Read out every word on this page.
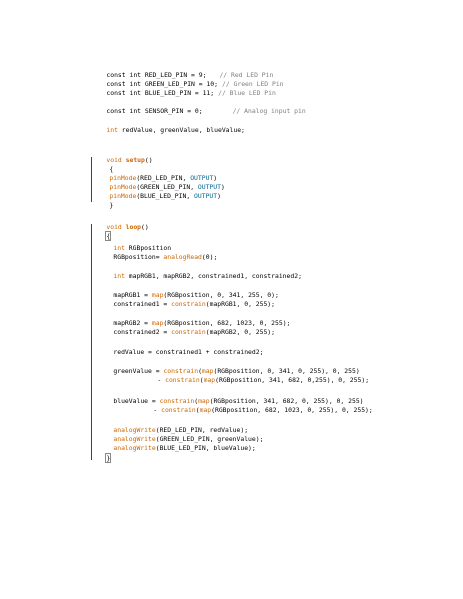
const int RED_LED_PIN = 9; // Red LED Pin

const int GREEN_LED_PIN = 10; // Green LED Pin

const int BLUE_LED_PIN = 11; // Blue LED Pin

const int SENSOR_PIN = 0;	// Analog input pin

int redValue, greenValue, blueValue;

void setup()

{

pinMode(RED_LED_PIN, OUTPUT)

pinMode(GREEN_LED_PIN, OUTPUT)

pinMode(BLUE_LED_PIN, OUTPUT)

}

void loop()

{

int RGBposition

RGBposition= analogRead(0);

int mapRGB1, mapRGB2, constrained1, constrained2;

mapRGB1 = map(RGBposition, 0, 341, 255, 0);

constrained1 = constrain(mapRGB1, 0, 255);

mapRGB2 = map(RGBposition, 682, 1023, 0, 255);

constrained2 = constrain(mapRGB2, 0, 255);

redValue = constrained1 + constrained2;

greenValue = constrain(map(RGBposition, 0, 341, 0, 255), 0, 255)

- constrain(map(RGBposition, 341, 682, 0,255), 0, 255);

blueValue = constrain(map(RGBposition, 341, 682, 0, 255), 0, 255)

- constrain(map(RGBposition, 682, 1023, 0, 255), 0, 255);

analogWrite(RED_LED_PIN, redValue);

analogWrite(GREEN_LED_PIN, greenValue);

analogWrite(BLUE_LED_PIN, blueValue);

}
